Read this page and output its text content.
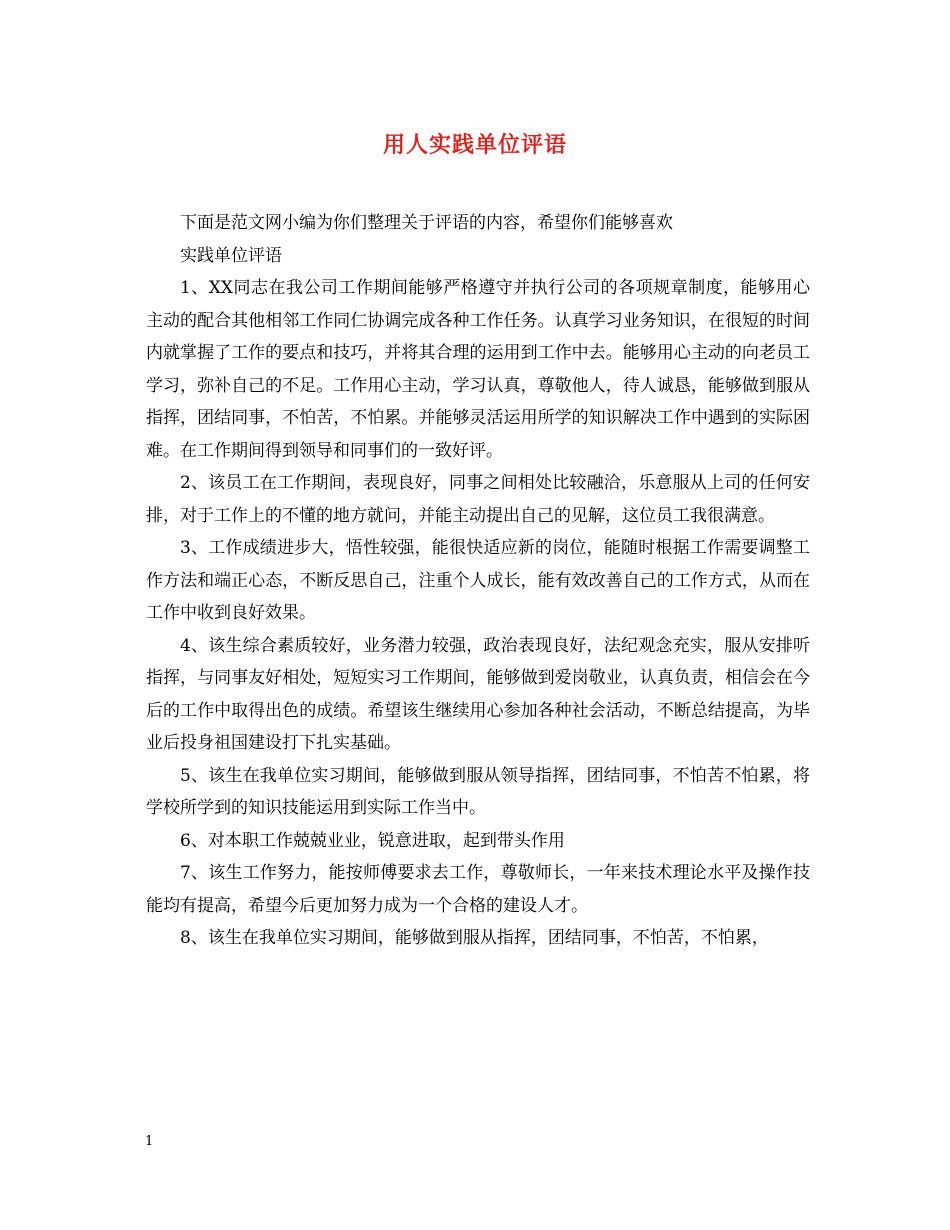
用人实践单位评语

下面是范文网小编为你们整理关于评语的内容，希望你们能够喜欢

实践单位评语

1、XX同志在我公司工作期间能够严格遵守并执行公司的各项规章制度，能够用心主动的配合其他相邻工作同仁协调完成各种工作任务。认真学习业务知识，在很短的时间内就掌握了工作的要点和技巧，并将其合理的运用到工作中去。能够用心主动的向老员工学习，弥补自己的不足。工作用心主动，学习认真，尊敬他人，待人诚恳，能够做到服从指挥，团结同事，不怕苦，不怕累。并能够灵活运用所学的知识解决工作中遇到的实际困难。在工作期间得到领导和同事们的一致好评。

2、该员工在工作期间，表现良好，同事之间相处比较融洽，乐意服从上司的任何安排，对于工作上的不懂的地方就问，并能主动提出自己的见解，这位员工我很满意。

3、工作成绩进步大，悟性较强，能很快适应新的岗位，能随时根据工作需要调整工作方法和端正心态，不断反思自己，注重个人成长，能有效改善自己的工作方式，从而在工作中收到良好效果。

4、该生综合素质较好，业务潜力较强，政治表现良好，法纪观念充实，服从安排听指挥，与同事友好相处，短短实习工作期间，能够做到爱岗敬业，认真负责，相信会在今后的工作中取得出色的成绩。希望该生继续用心参加各种社会活动，不断总结提高，为毕业后投身祖国建设打下扎实基础。

5、该生在我单位实习期间，能够做到服从领导指挥，团结同事，不怕苦不怕累，将学校所学到的知识技能运用到实际工作当中。

6、对本职工作兢兢业业，锐意进取，起到带头作用

7、该生工作努力，能按师傅要求去工作，尊敬师长，一年来技术理论水平及操作技能均有提高，希望今后更加努力成为一个合格的建设人才。

8、该生在我单位实习期间，能够做到服从指挥，团结同事，不怕苦，不怕累，

1
